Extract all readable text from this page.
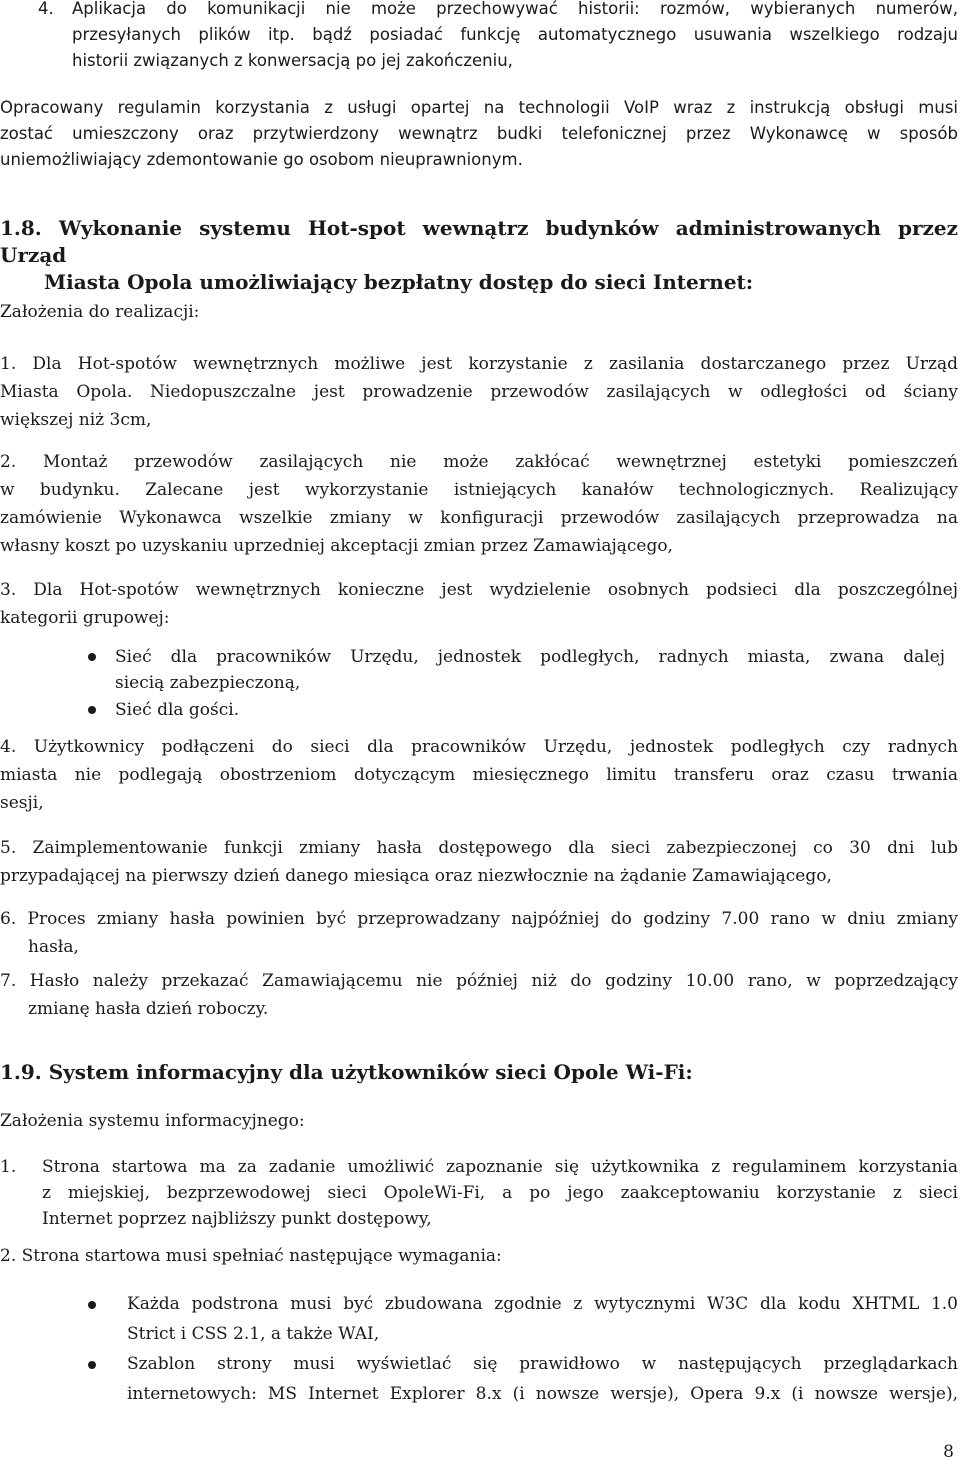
4. Aplikacja do komunikacji nie może przechowywać historii: rozmów, wybieranych numerów,
przesyłanych plików itp. bądź posiadać funkcję automatycznego usuwania wszelkiego rodzaju
historii związanych z konwersacją po jej zakończeniu,
Opracowany regulamin korzystania z usługi opartej na technologii VoIP wraz z instrukcją obsługi musi
zostać umieszczony oraz przytwierdzony wewnątrz budki telefonicznej przez Wykonawcę w sposób
uniemożliwiający zdemontowanie go osobom nieuprawnionym.
1.8. Wykonanie systemu Hot-spot wewnątrz budynków administrowanych przez Urząd
Miasta Opola umożliwiający bezpłatny dostęp do sieci Internet:
Założenia do realizacji:
1. Dla Hot-spotów wewnętrznych możliwe jest korzystanie z zasilania dostarczanego przez Urząd
Miasta Opola. Niedopuszczalne jest prowadzenie przewodów zasilających w odległości od ściany
większej niż 3cm,
2. Montaż przewodów zasilających nie może zakłócać wewnętrznej estetyki pomieszczeń
w budynku. Zalecane jest wykorzystanie istniejących kanałów technologicznych. Realizujący
zamówienie Wykonawca wszelkie zmiany w konfiguracji przewodów zasilających przeprowadza na
własny koszt po uzyskaniu uprzedniej akceptacji zmian przez Zamawiającego,
3. Dla Hot-spotów wewnętrznych konieczne jest wydzielenie osobnych podsieci dla poszczególnej
kategorii grupowej:
Sieć dla pracowników Urzędu, jednostek podległych, radnych miasta, zwana dalej
siecią zabezpieczoną,
Sieć dla gości.
4. Użytkownicy podłączeni do sieci dla pracowników Urzędu, jednostek podległych czy radnych
miasta nie podlegają obostrzeniom dotyczącym miesięcznego limitu transferu oraz czasu trwania
sesji,
5. Zaimplementowanie funkcji zmiany hasła dostępowego dla sieci zabezpieczonej co 30 dni lub
przypadającej na pierwszy dzień danego miesiąca oraz niezwłocznie na żądanie Zamawiającego,
6. Proces zmiany hasła powinien być przeprowadzany najpóźniej do godziny 7.00 rano w dniu zmiany
hasła,
7. Hasło należy przekazać Zamawiającemu nie później niż do godziny 10.00 rano, w poprzedzający
zmianę hasła dzień roboczy.
1.9. System informacyjny dla użytkowników sieci Opole Wi-Fi:
Założenia systemu informacyjnego:
1. Strona startowa ma za zadanie umożliwić zapoznanie się użytkownika z regulaminem korzystania
z miejskiej, bezprzewodowej sieci OpoleWi-Fi, a po jego zaakceptowaniu korzystanie z sieci
Internet poprzez najbliższy punkt dostępowy,
2. Strona startowa musi spełniać następujące wymagania:
Każda podstrona musi być zbudowana zgodnie z wytycznymi W3C dla kodu XHTML 1.0
Strict i CSS 2.1, a także WAI,
Szablon strony musi wyświetlać się prawidłowo w następujących przeglądarkach
internetowych: MS Internet Explorer 8.x (i nowsze wersje), Opera 9.x (i nowsze wersje),
8
